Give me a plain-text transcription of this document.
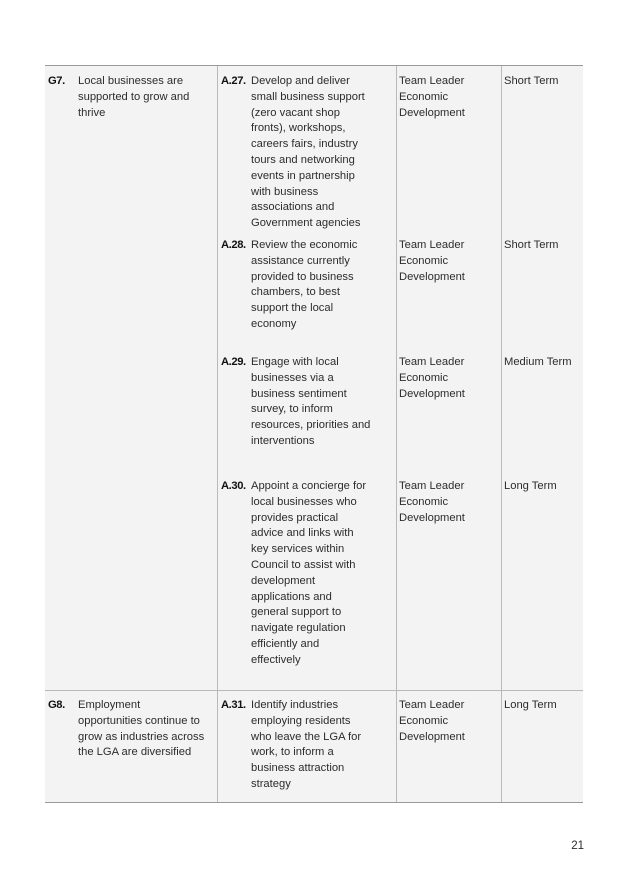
G7. Local businesses are
supported to grow and
thrive
A.27. Develop and deliver
small business support
(zero vacant shop
fronts), workshops,
careers fairs, industry
tours and networking
events in partnership
with business
associations and
Government agencies
Team Leader
Economic
Development
Short Term
A.28. Review the economic
assistance currently
provided to business
chambers, to best
support the local
economy
Team Leader
Economic
Development
Short Term
A.29. Engage with local
businesses via a
business sentiment
survey, to inform
resources, priorities and
interventions
Team Leader
Economic
Development
Medium Term
A.30. Appoint a concierge for
local businesses who
provides practical
advice and links with
key services within
Council to assist with
development
applications and
general support to
navigate regulation
efficiently and
effectively
Team Leader
Economic
Development
Long Term
G8. Employment
opportunities continue to
grow as industries across
the LGA are diversified
A.31. Identify industries
employing residents
who leave the LGA for
work, to inform a
business attraction
strategy
Team Leader
Economic
Development
Long Term
21
